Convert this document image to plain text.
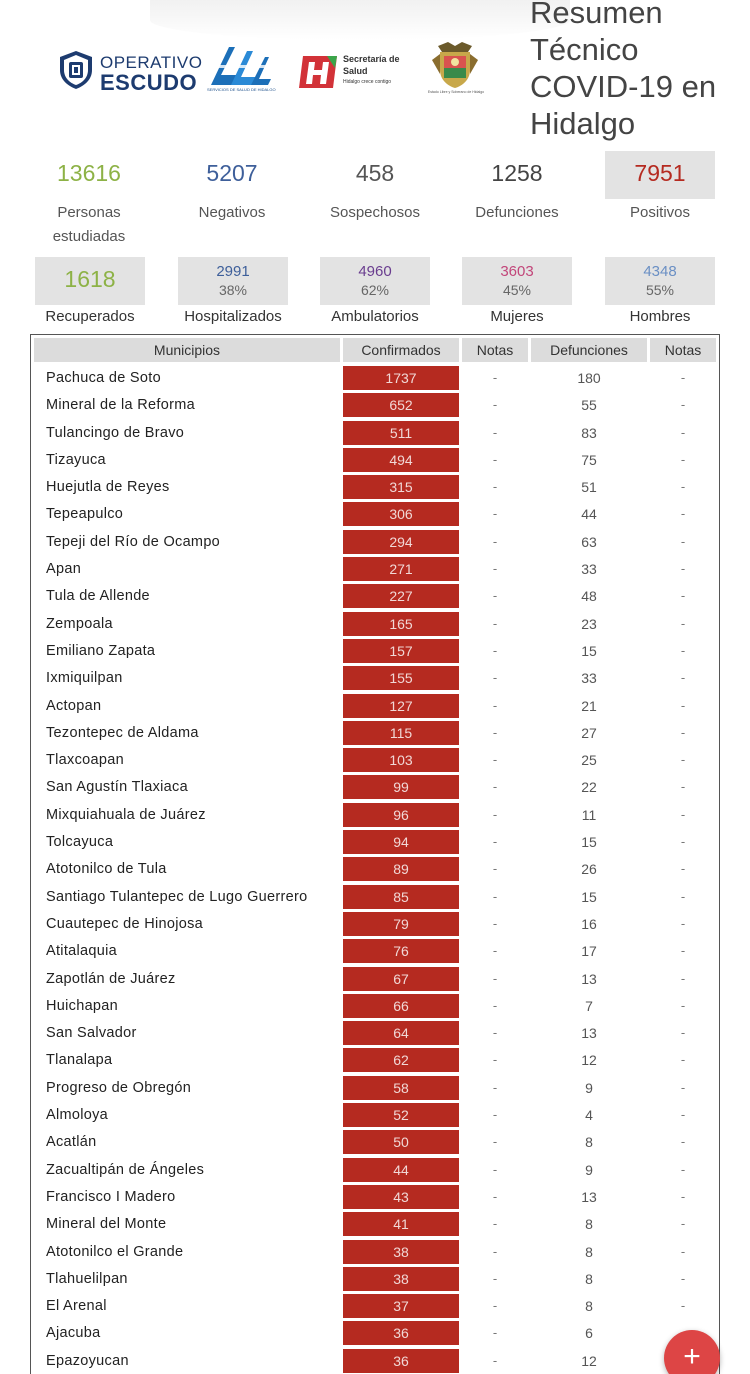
OPERATIVO
ESCUDO SERVICIOS DE SALUD DE HIDALGO
Secretaría de
Salud
Hidalgo crece contigo
Estado Libre y Soberano de Hidalgo
Resumen
Técnico
COVID-19 en
Hidalgo
13616
Personas
estudiadas
5207
Negativos
458
Sospechosos
1258
Defunciones
7951
Positivos
1618	2991
38%
4960
62%
3603
45%
4348
55%
Recuperados	Hospitalizados	Ambulatorios	Mujeres	Hombres
Municipios	Confirmados	Notas	Defunciones	Notas
Pachuca de Soto	1737	-	180	-
Mineral de la Reforma	652	-	55	-
Tulancingo de Bravo	511	-	83	-
Tizayuca	494	-	75	-
Huejutla de Reyes	315	-	51	-
Tepeapulco	306	-	44	-
Tepeji del Río de Ocampo	294	-	63	-
Apan	271	-	33	-
Tula de Allende	227	-	48	-
Zempoala	165	-	23	-
Emiliano Zapata	157	-	15	-
Ixmiquilpan	155	-	33	-
Actopan	127	-	21	-
Tezontepec de Aldama	115	-	27	-
Tlaxcoapan	103	-	25	-
San Agustín Tlaxiaca	99	-	22	-
Mixquiahuala de Juárez	96	-	11	-
Tolcayuca	94	-	15	-
Atotonilco de Tula	89	-	26	-
Santiago Tulantepec de Lugo Guerrero	85	-	15	-
Cuautepec de Hinojosa	79	-	16	-
Atitalaquia	76	-	17	-
Zapotlán de Juárez	67	-	13	-
Huichapan	66	-	7	-
San Salvador	64	-	13	-
Tlanalapa	62	-	12	-
Progreso de Obregón	58	-	9	-
Almoloya	52	-	4	-
Acatlán	50	-	8	-
Zacualtipán de Ángeles	44	-	9	-
Francisco I Madero	43	-	13	-
Mineral del Monte	41	-	8	-
Atotonilco el Grande	38	-	8	-
Tlahuelilpan	38	-	8	-
El Arenal	37	-	8	-
Ajacuba	36	-	6
Epazoyucan	36	-	12	+
